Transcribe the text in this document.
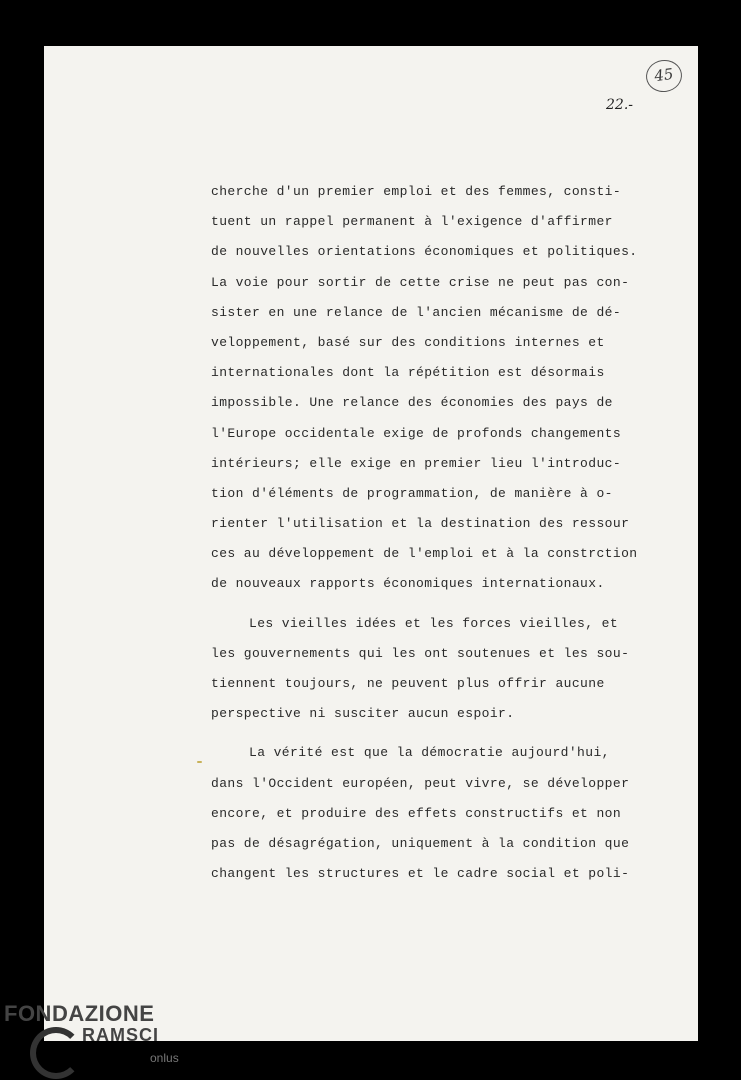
45
22.-
cherche d'un premier emploi et des femmes, consti-
tuent un rappel permanent à l'exigence d'affirmer
de nouvelles orientations économiques et politiques.
La voie pour sortir de cette crise ne peut pas con-
sister en une relance de l'ancien mécanisme de dé-
veloppement, basé sur des conditions internes et
internationales dont la répétition est désormais
impossible. Une relance des économies des pays de
l'Europe occidentale exige de profonds changements
intérieurs; elle exige en premier lieu l'introduc-
tion d'éléments de programmation, de manière à o-
rienter l'utilisation et la destination des ressour
ces au développement de l'emploi et à la constrction
de nouveaux rapports économiques internationaux.
Les vieilles idées et les forces vieilles, et
les gouvernements qui les ont soutenues et les sou-
tiennent toujours, ne peuvent plus offrir aucune
perspective ni susciter aucun espoir.
La vérité est que la démocratie aujourd'hui,
dans l'Occident européen, peut vivre, se développer
encore, et produire des effets constructifs et non
pas de désagrégation, uniquement à la condition que
changent les structures et le cadre social et poli-
FONDAZIONE
RAMSCI
onlus
